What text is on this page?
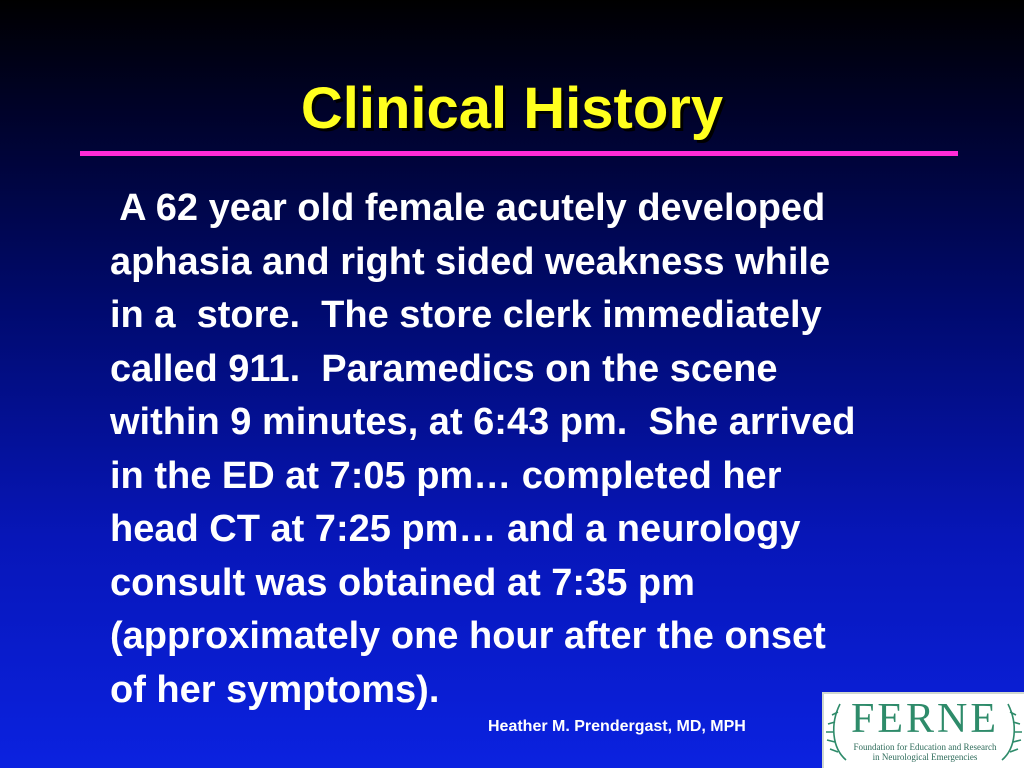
Clinical History
A 62 year old female acutely developed
aphasia and right sided weakness while
in a  store.  The store clerk immediately
called 911.  Paramedics on the scene
within 9 minutes, at 6:43 pm.  She arrived
in the ED at 7:05 pm… completed her
head CT at 7:25 pm… and a neurology
consult was obtained at 7:35 pm
(approximately one hour after the onset
of her symptoms).
Heather M. Prendergast, MD, MPH	FERNE
Foundation for Education and Research
in Neurological Emergencies
